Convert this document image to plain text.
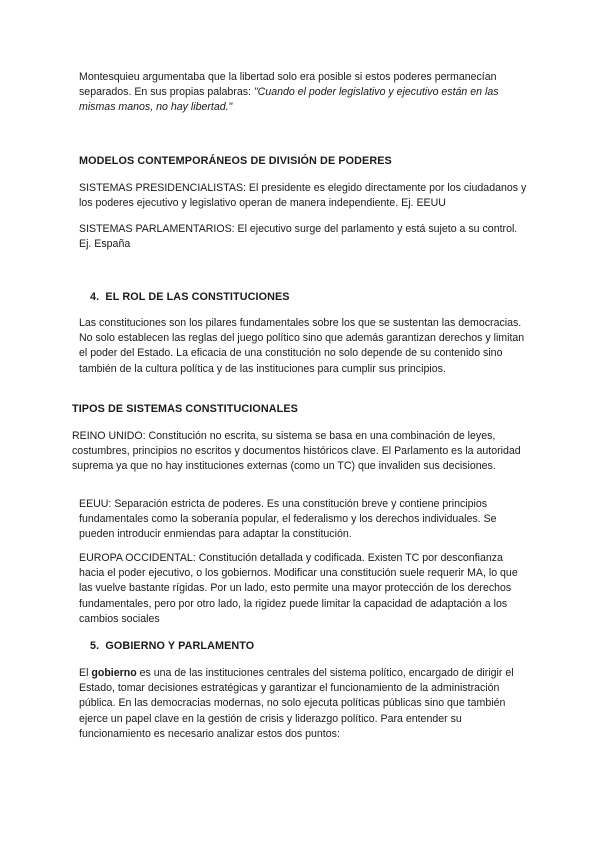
Montesquieu argumentaba que la libertad solo era posible si estos poderes permanecían separados. En sus propias palabras: "Cuando el poder legislativo y ejecutivo están en las mismas manos, no hay libertad."

MODELOS CONTEMPORÁNEOS DE DIVISIÓN DE PODERES

SISTEMAS PRESIDENCIALISTAS: El presidente es elegido directamente por los ciudadanos y los poderes ejecutivo y legislativo operan de manera independiente. Ej. EEUU

SISTEMAS PARLAMENTARIOS: El ejecutivo surge del parlamento y está sujeto a su control. Ej. España

4. EL ROL DE LAS CONSTITUCIONES

Las constituciones son los pilares fundamentales sobre los que se sustentan las democracias. No solo establecen las reglas del juego político sino que además garantizan derechos y limitan el poder del Estado. La eficacia de una constitución no solo depende de su contenido sino también de la cultura política y de las instituciones para cumplir sus principios.

TIPOS DE SISTEMAS CONSTITUCIONALES

REINO UNIDO: Constitución no escrita, su sistema se basa en una combinación de leyes, costumbres, principios no escritos y documentos históricos clave. El Parlamento es la autoridad suprema ya que no hay instituciones externas (como un TC) que invaliden sus decisiones.

EEUU: Separación estricta de poderes. Es una constitución breve y contiene principios fundamentales como la soberanía popular, el federalismo y los derechos individuales. Se pueden introducir enmiendas para adaptar la constitución.

EUROPA OCCIDENTAL: Constitución detallada y codificada. Existen TC por desconfianza hacia el poder ejecutivo, o los gobiernos. Modificar una constitución suele requerir MA, lo que las vuelve bastante rígidas. Por un lado, esto permite una mayor protección de los derechos fundamentales, pero por otro lado, la rigidez puede limitar la capacidad de adaptación a los cambios sociales

5. GOBIERNO Y PARLAMENTO

El gobierno es una de las instituciones centrales del sistema político, encargado de dirigir el Estado, tomar decisiones estratégicas y garantizar el funcionamiento de la administración pública. En las democracias modernas, no solo ejecuta políticas públicas sino que también ejerce un papel clave en la gestión de crisis y liderazgo político. Para entender su funcionamiento es necesario analizar estos dos puntos:
